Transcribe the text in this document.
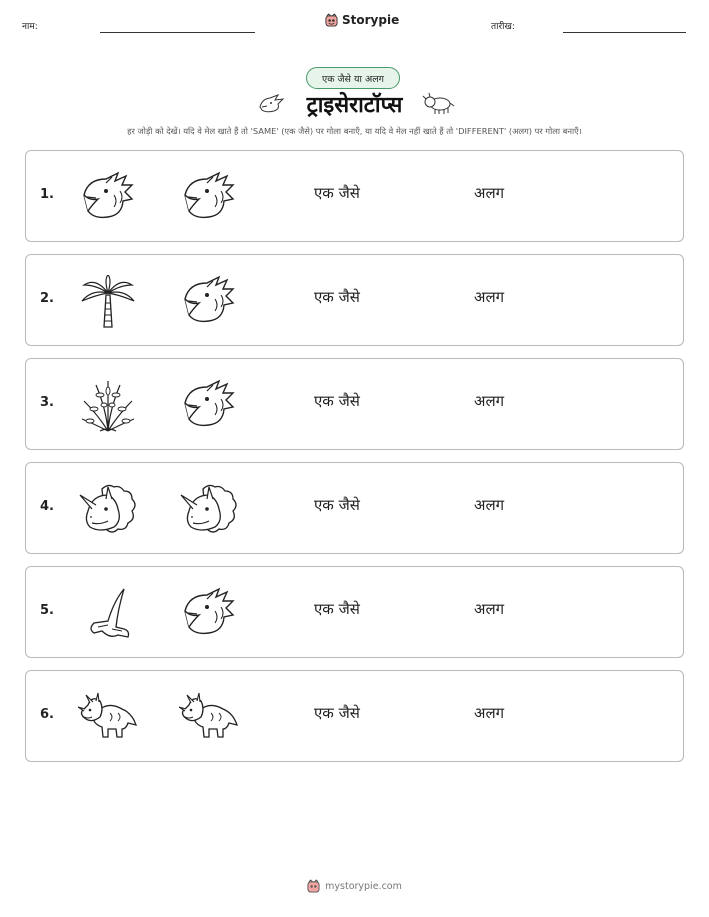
नाम:	Storypie	तारीख:
एक जैसे या अलग
ट्राइसेराटॉप्स
हर जोड़ी को देखें। यदि वे मेल खाते हैं तो 'SAME' (एक जैसे) पर गोला बनाएँ, या यदि वे मेल नहीं खाते हैं तो 'DIFFERENT' (अलग) पर गोला बनाएँ।
1.	एक जैसे	अलग
2.	एक जैसे	अलग
3.	एक जैसे	अलग
4.	एक जैसे	अलग
5.	एक जैसे	अलग
6.	एक जैसे	अलग
mystorypie.com
